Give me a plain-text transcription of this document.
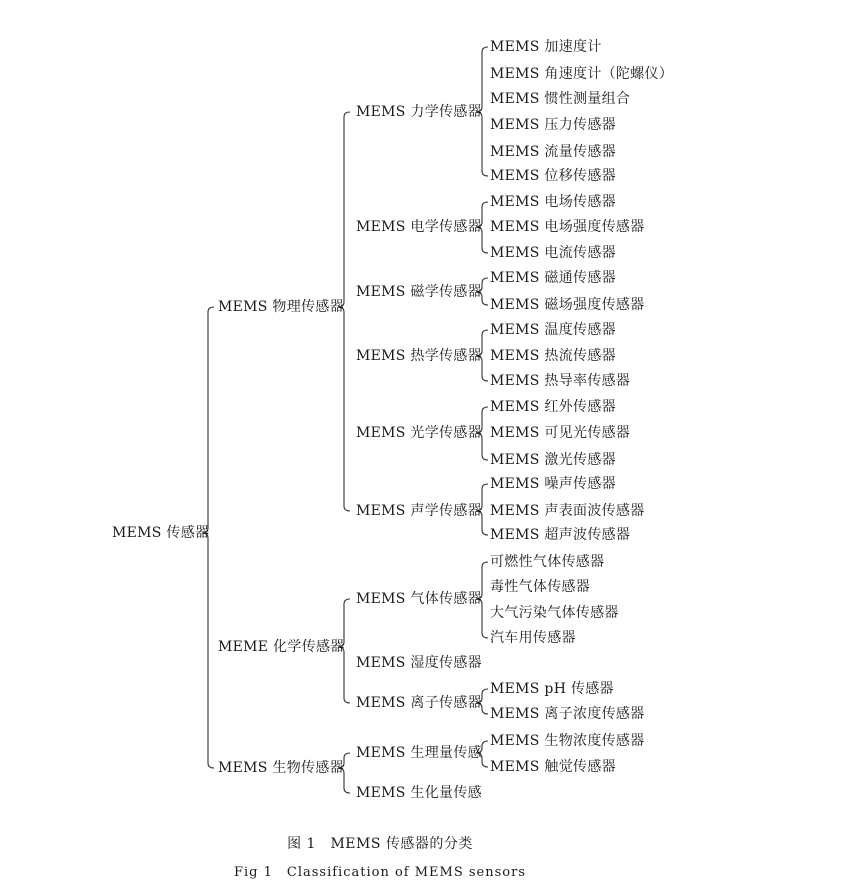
MEMS 传感器
MEMS 物理传感器
MEMS 力学传感器
MEMS 加速度计
MEMS 角速度计（陀螺仪）
MEMS 惯性测量组合
MEMS 压力传感器
MEMS 流量传感器
MEMS 位移传感器
MEMS 电学传感器
MEMS 电场传感器
MEMS 电场强度传感器
MEMS 电流传感器
MEMS 磁学传感器
MEMS 磁通传感器
MEMS 磁场强度传感器
MEMS 热学传感器
MEMS 温度传感器
MEMS 热流传感器
MEMS 热导率传感器
MEMS 光学传感器
MEMS 红外传感器
MEMS 可见光传感器
MEMS 激光传感器
MEMS 声学传感器
MEMS 噪声传感器
MEMS 声表面波传感器
MEMS 超声波传感器
MEME 化学传感器
MEMS 气体传感器
可燃性气体传感器
毒性气体传感器
大气污染气体传感器
汽车用传感器
MEMS 湿度传感器
MEMS 离子传感器
MEMS pH 传感器
MEMS 离子浓度传感器
MEMS 生物传感器
MEMS 生理量传感
MEMS 生物浓度传感器
MEMS 触觉传感器
MEMS 生化量传感
图 1　MEMS 传感器的分类
Fig 1　Classification of MEMS sensors
